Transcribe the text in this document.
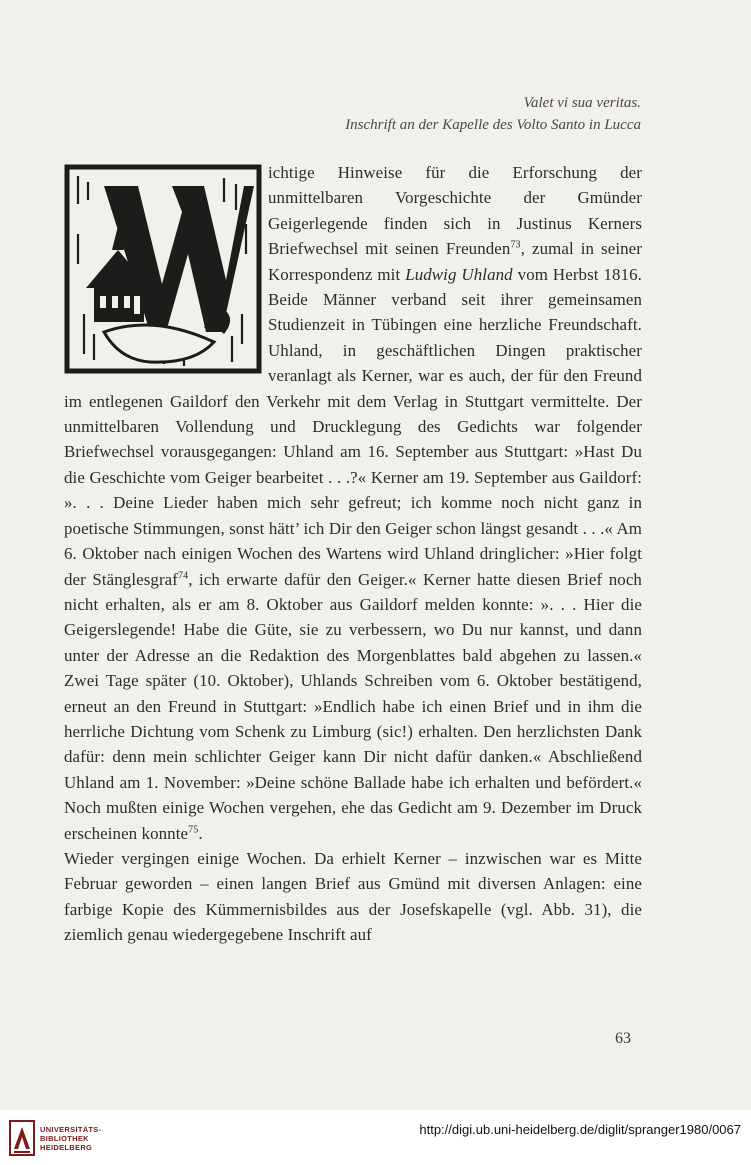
Valet vi sua veritas.
Inschrift an der Kapelle des Volto Santo in Lucca

ichtige Hinweise für die Erforschung der unmittelbaren Vorgeschichte der Gmünder Geigerlegende finden sich in Justinus Kerners Briefwechsel mit seinen Freunden$^{73}$, zumal in seiner Korrespondenz mit Ludwig Uhland vom Herbst 1816. Beide Männer verband seit ihrer gemeinsamen Studienzeit in Tübingen eine herzliche Freundschaft. Uhland, in geschäftlichen Dingen praktischer veranlagt als Kerner, war es auch, der für den Freund im entlegenen Gaildorf den Verkehr mit dem Verlag in Stuttgart vermittelte. Der unmittelbaren Vollendung und Drucklegung des Gedichts war folgender Briefwechsel vorausgegangen: Uhland am 16. September aus Stuttgart: »Hast Du die Geschichte vom Geiger bearbeitet . . .?« Kerner am 19. September aus Gaildorf: ». . . Deine Lieder haben mich sehr gefreut; ich komme noch nicht ganz in poetische Stimmungen, sonst hätt’ ich Dir den Geiger schon längst gesandt . . .« Am 6. Oktober nach einigen Wochen des Wartens wird Uhland dringlicher: »Hier folgt der Stänglesgraf$^{74}$, ich erwarte dafür den Geiger.« Kerner hatte diesen Brief noch nicht erhalten, als er am 8. Oktober aus Gaildorf melden konnte: ». . . Hier die Geigerslegende! Habe die Güte, sie zu verbessern, wo Du nur kannst, und dann unter der Adresse an die Redaktion des Morgenblattes bald abgehen zu lassen.« Zwei Tage später (10. Oktober), Uhlands Schreiben vom 6. Oktober bestätigend, erneut an den Freund in Stuttgart: »Endlich habe ich einen Brief und in ihm die herrliche Dichtung vom Schenk zu Limburg (sic!) erhalten. Den herzlichsten Dank dafür: denn mein schlichter Geiger kann Dir nicht dafür danken.« Abschließend Uhland am 1. November: »Deine schöne Ballade habe ich erhalten und befördert.« Noch mußten einige Wochen vergehen, ehe das Gedicht am 9. Dezember im Druck erscheinen konnte$^{75}$.

Wieder vergingen einige Wochen. Da erhielt Kerner – inzwischen war es Mitte Februar geworden – einen langen Brief aus Gmünd mit diversen Anlagen: eine farbige Kopie des Kümmernisbildes aus der Josefskapelle (vgl. Abb. 31), die ziemlich genau wiedergegebene Inschrift auf

63
UNIVERSITÄTS-
BIBLIOTHEK
HEIDELBERG
http://digi.ub.uni-heidelberg.de/diglit/spranger1980/0067
